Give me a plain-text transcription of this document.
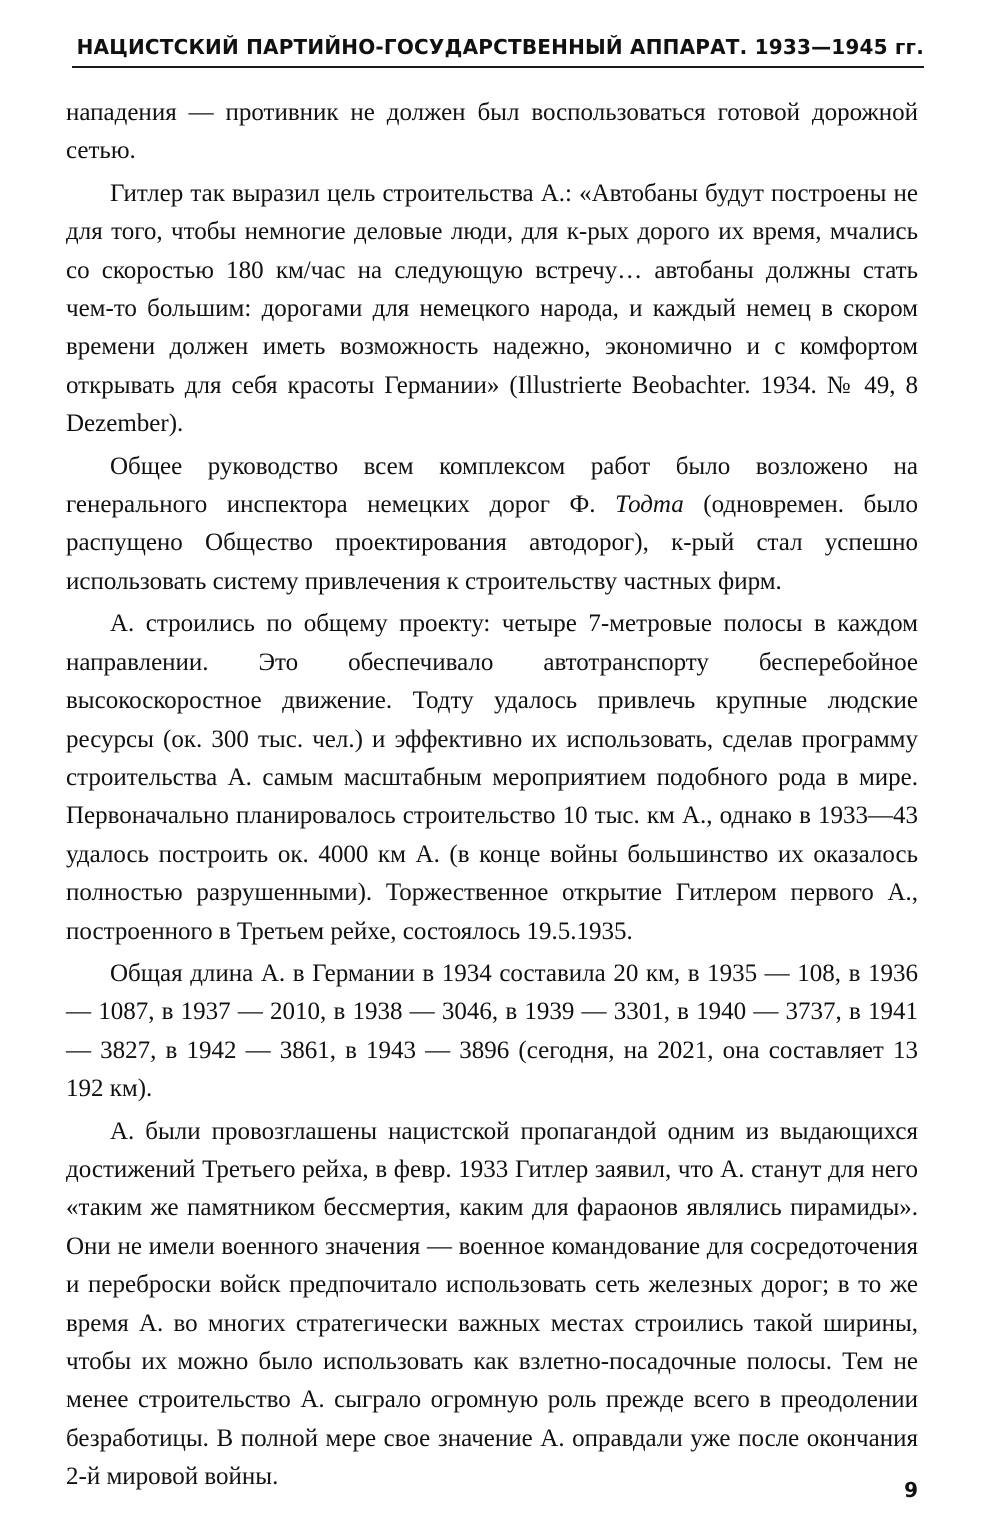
НАЦИСТСКИЙ ПАРТИЙНО-ГОСУДАРСТВЕННЫЙ АППАРАТ. 1933—1945 гг.

нападения — противник не должен был воспользоваться готовой дорожной сетью.

Гитлер так выразил цель строительства А.: «Автобаны будут построены не для того, чтобы немногие деловые люди, для к-рых дорого их время, мчались со скоростью 180 км/час на следующую встречу… автобаны должны стать чем-то большим: дорогами для немецкого народа, и каждый немец в скором времени должен иметь возможность надежно, экономично и с комфортом открывать для себя красоты Германии» (Illustrierte Beobachter. 1934. № 49, 8 Dezember).

Общее руководство всем комплексом работ было возложено на генерального инспектора немецких дорог Ф. Тодта (одновремен. было распущено Общество проектирования автодорог), к-рый стал успешно использовать систему привлечения к строительству частных фирм.

А. строились по общему проекту: четыре 7-метровые полосы в каждом направлении. Это обеспечивало автотранспорту бесперебойное высокоскоростное движение. Тодту удалось привлечь крупные людские ресурсы (ок. 300 тыс. чел.) и эффективно их использовать, сделав программу строительства А. самым масштабным мероприятием подобного рода в мире. Первоначально планировалось строительство 10 тыс. км А., однако в 1933—43 удалось построить ок. 4000 км А. (в конце войны большинство их оказалось полностью разрушенными). Торжественное открытие Гитлером первого А., построенного в Третьем рейхе, состоялось 19.5.1935.

Общая длина А. в Германии в 1934 составила 20 км, в 1935 — 108, в 1936 — 1087, в 1937 — 2010, в 1938 — 3046, в 1939 — 3301, в 1940 — 3737, в 1941 — 3827, в 1942 — 3861, в 1943 — 3896 (сегодня, на 2021, она составляет 13 192 км).

А. были провозглашены нацистской пропагандой одним из выдающихся достижений Третьего рейха, в февр. 1933 Гитлер заявил, что А. станут для него «таким же памятником бессмертия, каким для фараонов являлись пирамиды». Они не имели военного значения — военное командование для сосредоточения и переброски войск предпочитало использовать сеть железных дорог; в то же время А. во многих стратегически важных местах строились такой ширины, чтобы их можно было использовать как взлетно-посадочные полосы. Тем не менее строительство А. сыграло огромную роль прежде всего в преодолении безработицы. В полной мере свое значение А. оправдали уже после окончания 2-й мировой войны.	9
